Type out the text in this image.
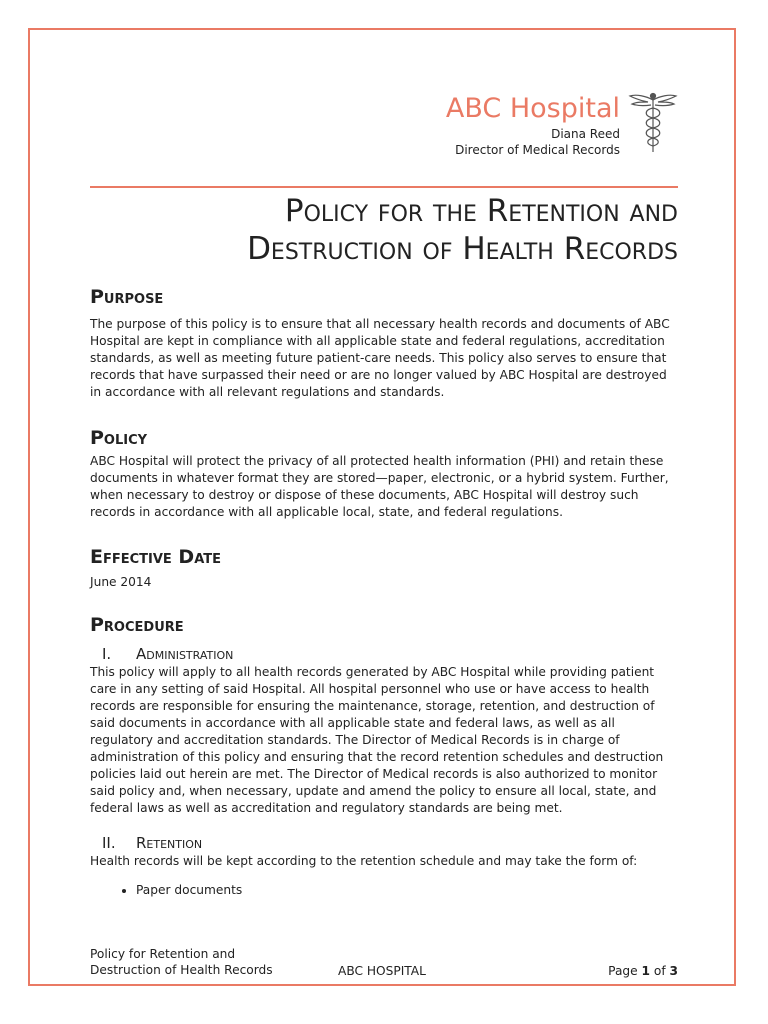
ABC Hospital
Diana Reed
Director of Medical Records
Policy for the Retention and
Destruction of Health Records
Purpose

The purpose of this policy is to ensure that all necessary health records and documents of ABC Hospital are kept in compliance with all applicable state and federal regulations, accreditation standards, as well as meeting future patient-care needs. This policy also serves to ensure that records that have surpassed their need or are no longer valued by ABC Hospital are destroyed in accordance with all relevant regulations and standards.

Policy

ABC Hospital will protect the privacy of all protected health information (PHI) and retain these documents in whatever format they are stored—paper, electronic, or a hybrid system. Further, when necessary to destroy or dispose of these documents, ABC Hospital will destroy such records in accordance with all applicable local, state, and federal regulations.

Effective Date

June 2014

Procedure
I.	Administration

This policy will apply to all health records generated by ABC Hospital while providing patient care in any setting of said Hospital. All hospital personnel who use or have access to health records are responsible for ensuring the maintenance, storage, retention, and destruction of said documents in accordance with all applicable state and federal laws, as well as all regulatory and accreditation standards. The Director of Medical Records is in charge of administration of this policy and ensuring that the record retention schedules and destruction policies laid out herein are met. The Director of Medical records is also authorized to monitor said policy and, when necessary, update and amend the policy to ensure all local, state, and federal laws as well as accreditation and regulatory standards are being met.

II.	Retention

Health records will be kept according to the retention schedule and may take the form of:

• Paper documents
Policy for Retention and
Destruction of Health Records	ABC HOSPITAL	Page 1 of 3
